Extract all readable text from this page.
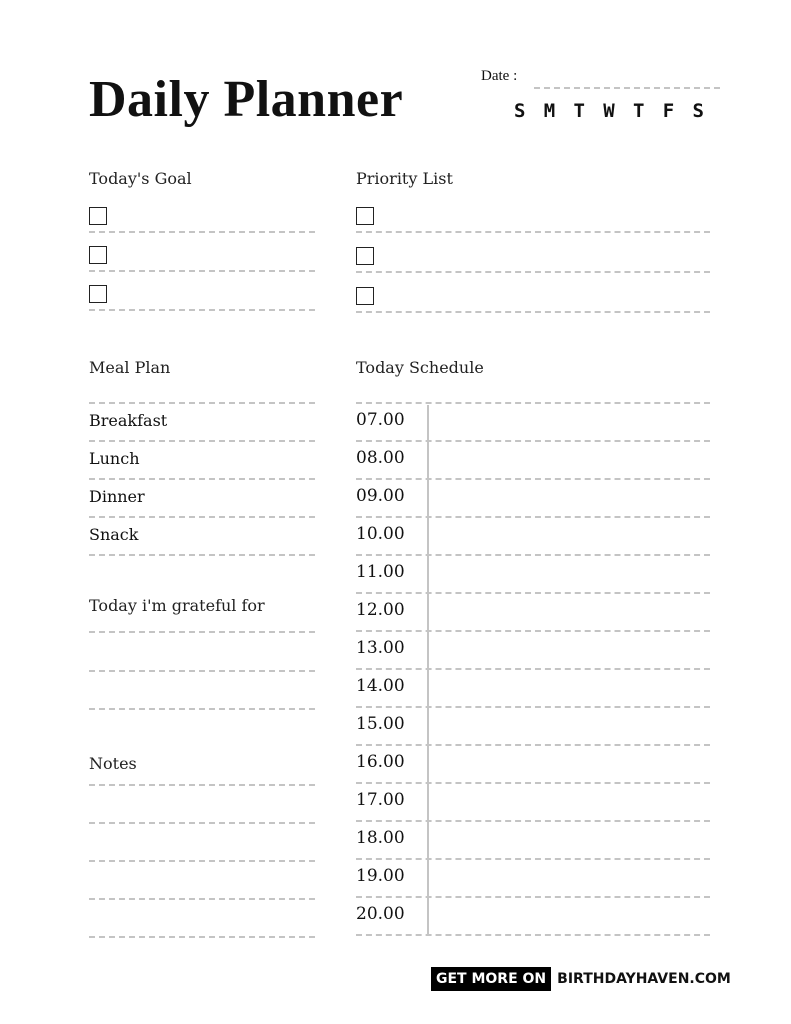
Daily Planner	Date :
S M T W T F S
Today's Goal	Priority List
Meal Plan
Breakfast
Lunch
Dinner
Snack
Today i'm grateful for
Notes
Today Schedule
07.00
08.00
09.00
10.00
11.00
12.00
13.00
14.00
15.00
16.00
17.00
18.00
19.00
20.00
GET MORE ON BIRTHDAYHAVEN.COM
